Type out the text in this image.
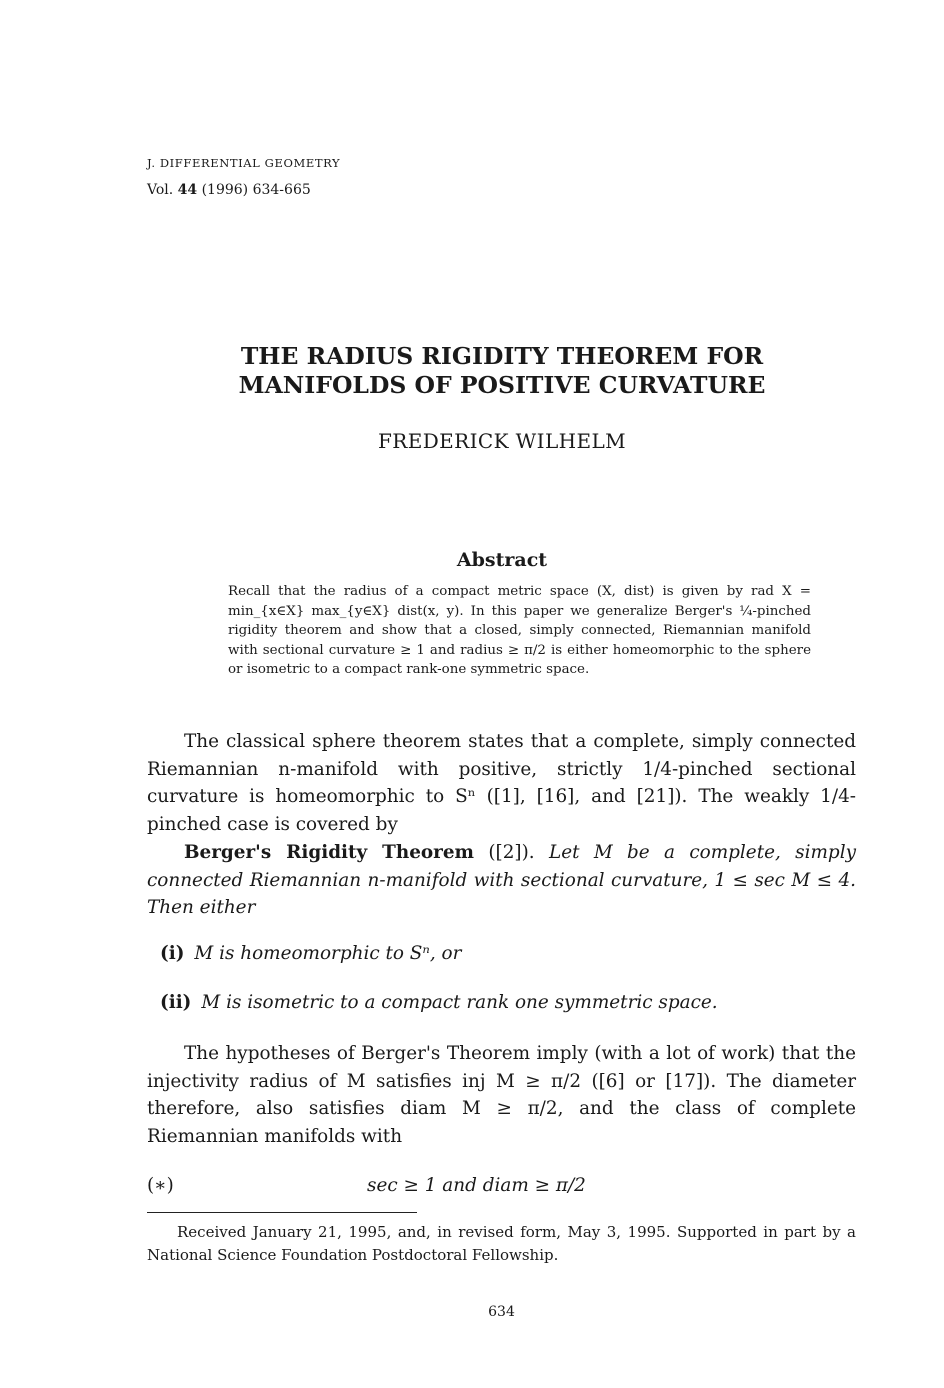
J. DIFFERENTIAL GEOMETRY
Vol. 44 (1996) 634-665
THE RADIUS RIGIDITY THEOREM FOR
MANIFOLDS OF POSITIVE CURVATURE
FREDERICK WILHELM
Abstract
Recall that the radius of a compact metric space (X, dist) is given by rad X = min_{x∈X} max_{y∈X} dist(x, y). In this paper we generalize Berger's ¼-pinched rigidity theorem and show that a closed, simply connected, Riemannian manifold with sectional curvature ≥ 1 and radius ≥ π/2 is either homeomorphic to the sphere or isometric to a compact rank-one symmetric space.
The classical sphere theorem states that a complete, simply connected Riemannian n-manifold with positive, strictly 1/4-pinched sectional curvature is homeomorphic to Sⁿ ([1], [16], and [21]). The weakly 1/4-pinched case is covered by
Berger's Rigidity Theorem ([2]). Let M be a complete, simply connected Riemannian n-manifold with sectional curvature, 1 ≤ sec M ≤ 4. Then either
(i) M is homeomorphic to Sⁿ, or
(ii) M is isometric to a compact rank one symmetric space.
The hypotheses of Berger's Theorem imply (with a lot of work) that the injectivity radius of M satisfies inj M ≥ π/2 ([6] or [17]). The diameter therefore, also satisfies diam M ≥ π/2, and the class of complete Riemannian manifolds with
(∗)	sec ≥ 1 and diam ≥ π/2
Received January 21, 1995, and, in revised form, May 3, 1995. Supported in part by a National Science Foundation Postdoctoral Fellowship.
634
